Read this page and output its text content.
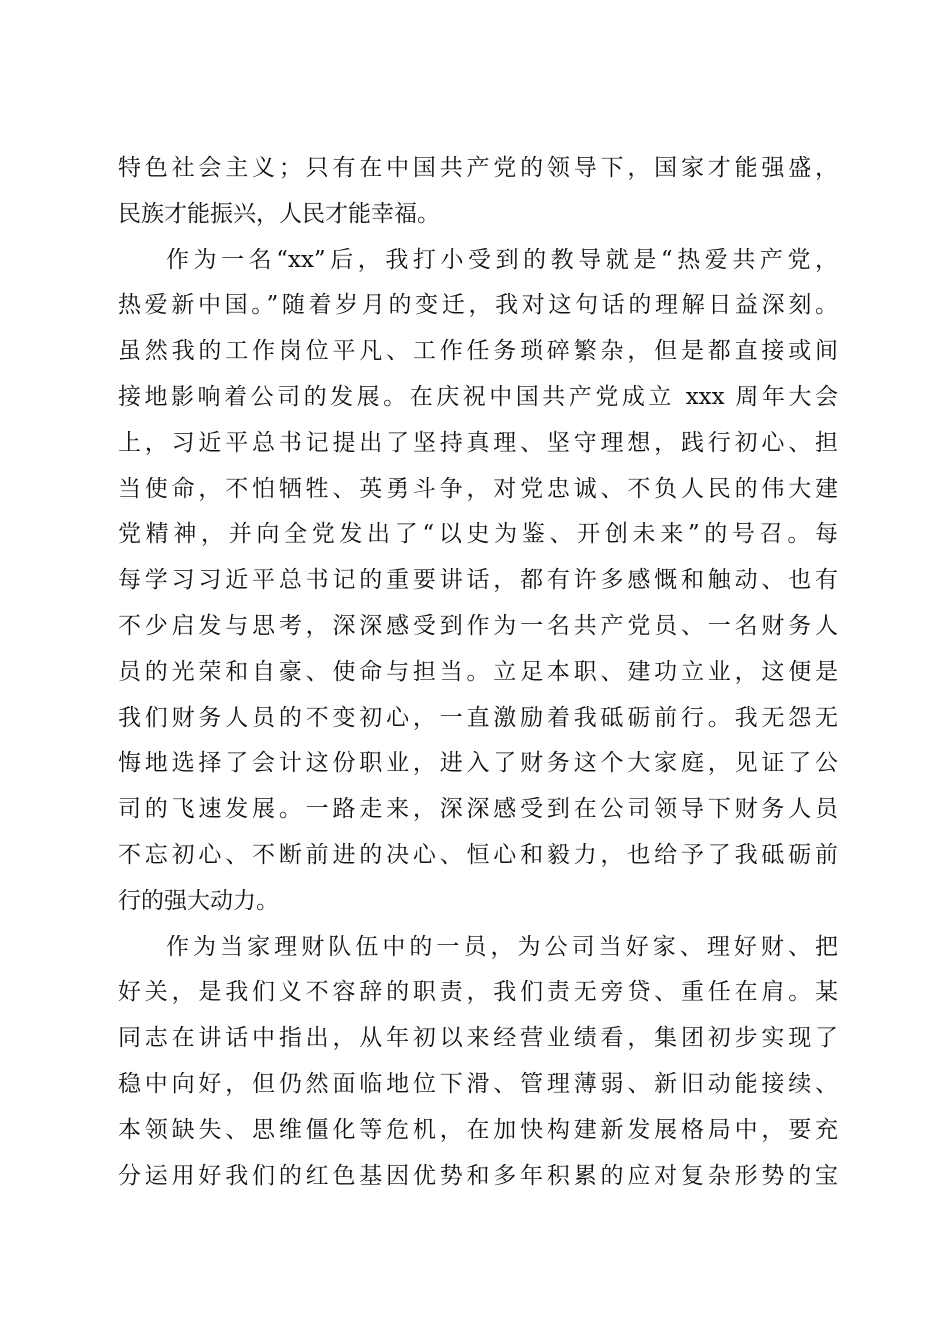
特色社会主义；只有在中国共产党的领导下，国家才能强盛，
民族才能振兴，人民才能幸福。
作为一名“xx”后，我打小受到的教导就是“热爱共产党，
热爱新中国。”随着岁月的变迁，我对这句话的理解日益深刻。
虽然我的工作岗位平凡、工作任务琐碎繁杂，但是都直接或间
接地影响着公司的发展。在庆祝中国共产党成立 xxx 周年大会
上，习近平总书记提出了坚持真理、坚守理想，践行初心、担
当使命，不怕牺牲、英勇斗争，对党忠诚、不负人民的伟大建
党精神，并向全党发出了“以史为鉴、开创未来”的号召。每
每学习习近平总书记的重要讲话，都有许多感慨和触动、也有
不少启发与思考，深深感受到作为一名共产党员、一名财务人
员的光荣和自豪、使命与担当。立足本职、建功立业，这便是
我们财务人员的不变初心，一直激励着我砥砺前行。我无怨无
悔地选择了会计这份职业，进入了财务这个大家庭，见证了公
司的飞速发展。一路走来，深深感受到在公司领导下财务人员
不忘初心、不断前进的决心、恒心和毅力，也给予了我砥砺前
行的强大动力。
作为当家理财队伍中的一员，为公司当好家、理好财、把
好关，是我们义不容辞的职责，我们责无旁贷、重任在肩。某
同志在讲话中指出，从年初以来经营业绩看，集团初步实现了
稳中向好，但仍然面临地位下滑、管理薄弱、新旧动能接续、
本领缺失、思维僵化等危机，在加快构建新发展格局中，要充
分运用好我们的红色基因优势和多年积累的应对复杂形势的宝
